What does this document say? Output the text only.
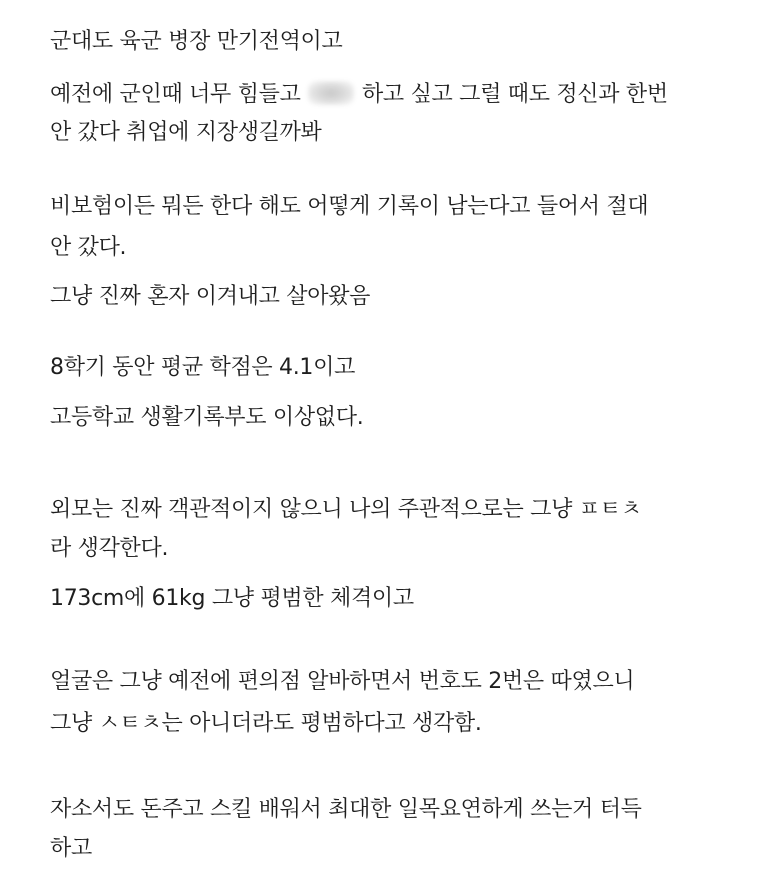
군대도 육군 병장 만기전역이고
예전에 군인때 너무 힘들고	하고 싶고 그럴 때도 정신과 한번
안 갔다 취업에 지장생길까봐
비보험이든 뭐든 한다 해도 어떻게 기록이 남는다고 들어서 절대
안 갔다.
그냥 진짜 혼자 이겨내고 살아왔음
8학기 동안 평균 학점은 4.1이고
고등학교 생활기록부도 이상없다.
외모는 진짜 객관적이지 않으니 나의 주관적으로는 그냥 ㅍㅌㅊ
라 생각한다.
173cm에 61kg 그냥 평범한 체격이고
얼굴은 그냥 예전에 편의점 알바하면서 번호도 2번은 따였으니
그냥 ㅅㅌㅊ는 아니더라도 평범하다고 생각함.
자소서도 돈주고 스킬 배워서 최대한 일목요연하게 쓰는거 터득
하고
